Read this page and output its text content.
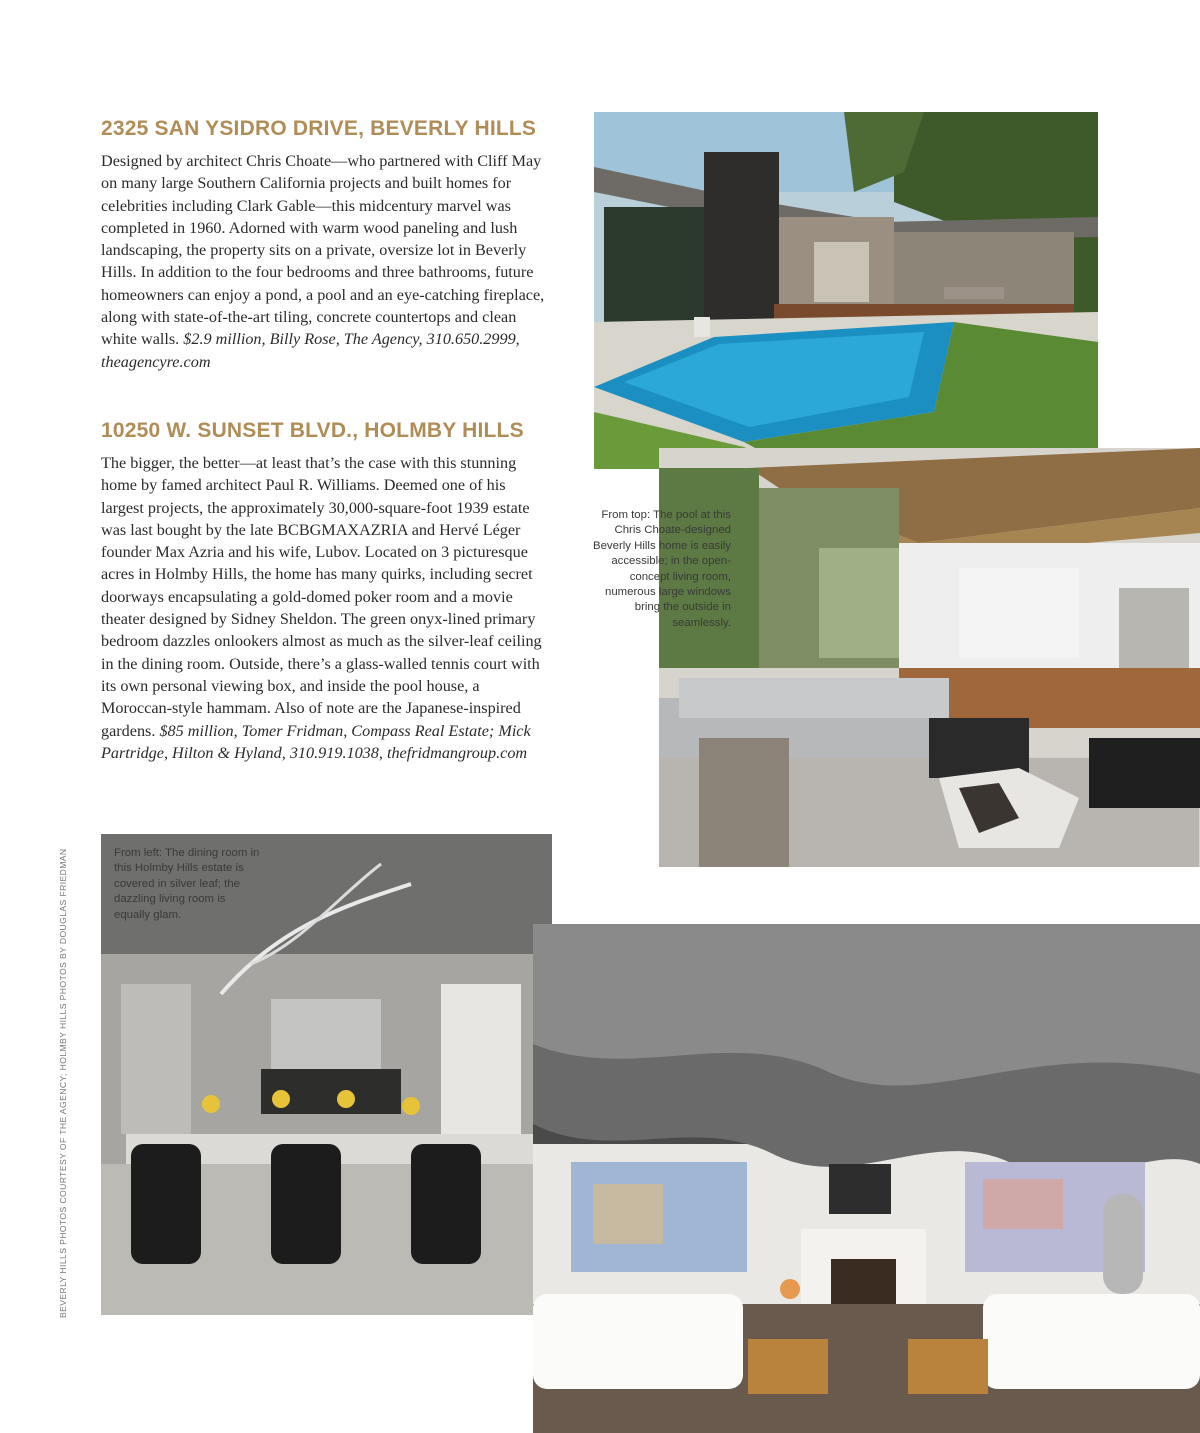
2325 SAN YSIDRO DRIVE, BEVERLY HILLS

Designed by architect Chris Choate—who partnered with Cliff May on many large Southern California projects and built homes for celebrities including Clark Gable—this midcentury marvel was completed in 1960. Adorned with warm wood paneling and lush landscaping, the property sits on a private, oversize lot in Beverly Hills. In addition to the four bedrooms and three bathrooms, future homeowners can enjoy a pond, a pool and an eye-catching fireplace, along with state-of-the-art tiling, concrete countertops and clean white walls. $2.9 million, Billy Rose, The Agency, 310.650.2999, theagencyre.com

10250 W. SUNSET BLVD., HOLMBY HILLS

The bigger, the better—at least that’s the case with this stunning home by famed architect Paul R. Williams. Deemed one of his largest projects, the approximately 30,000-square-foot 1939 estate was last bought by the late BCBGMAXAZRIA and Hervé Léger founder Max Azria and his wife, Lubov. Located on 3 picturesque acres in Holmby Hills, the home has many quirks, including secret doorways encapsulating a gold-domed poker room and a movie theater designed by Sidney Sheldon. The green onyx-lined primary bedroom dazzles onlookers almost as much as the silver-leaf ceiling in the dining room. Outside, there’s a glass-walled tennis court with its own personal viewing box, and inside the pool house, a Moroccan-style hammam. Also of note are the Japanese-inspired gardens. $85 million, Tomer Fridman, Compass Real Estate; Mick Partridge, Hilton & Hyland, 310.919.1038, thefridmangroup.com

From top: The pool at this Chris Choate-designed Beverly Hills home is easily accessible; in the open-concept living room, numerous large windows bring the outside in seamlessly.
From left: The dining room in this Holmby Hills estate is covered in silver leaf; the dazzling living room is equally glam.
BEVERLY HILLS PHOTOS COURTESY OF THE AGENCY; HOLMBY HILLS PHOTOS BY DOUGLAS FRIEDMAN
